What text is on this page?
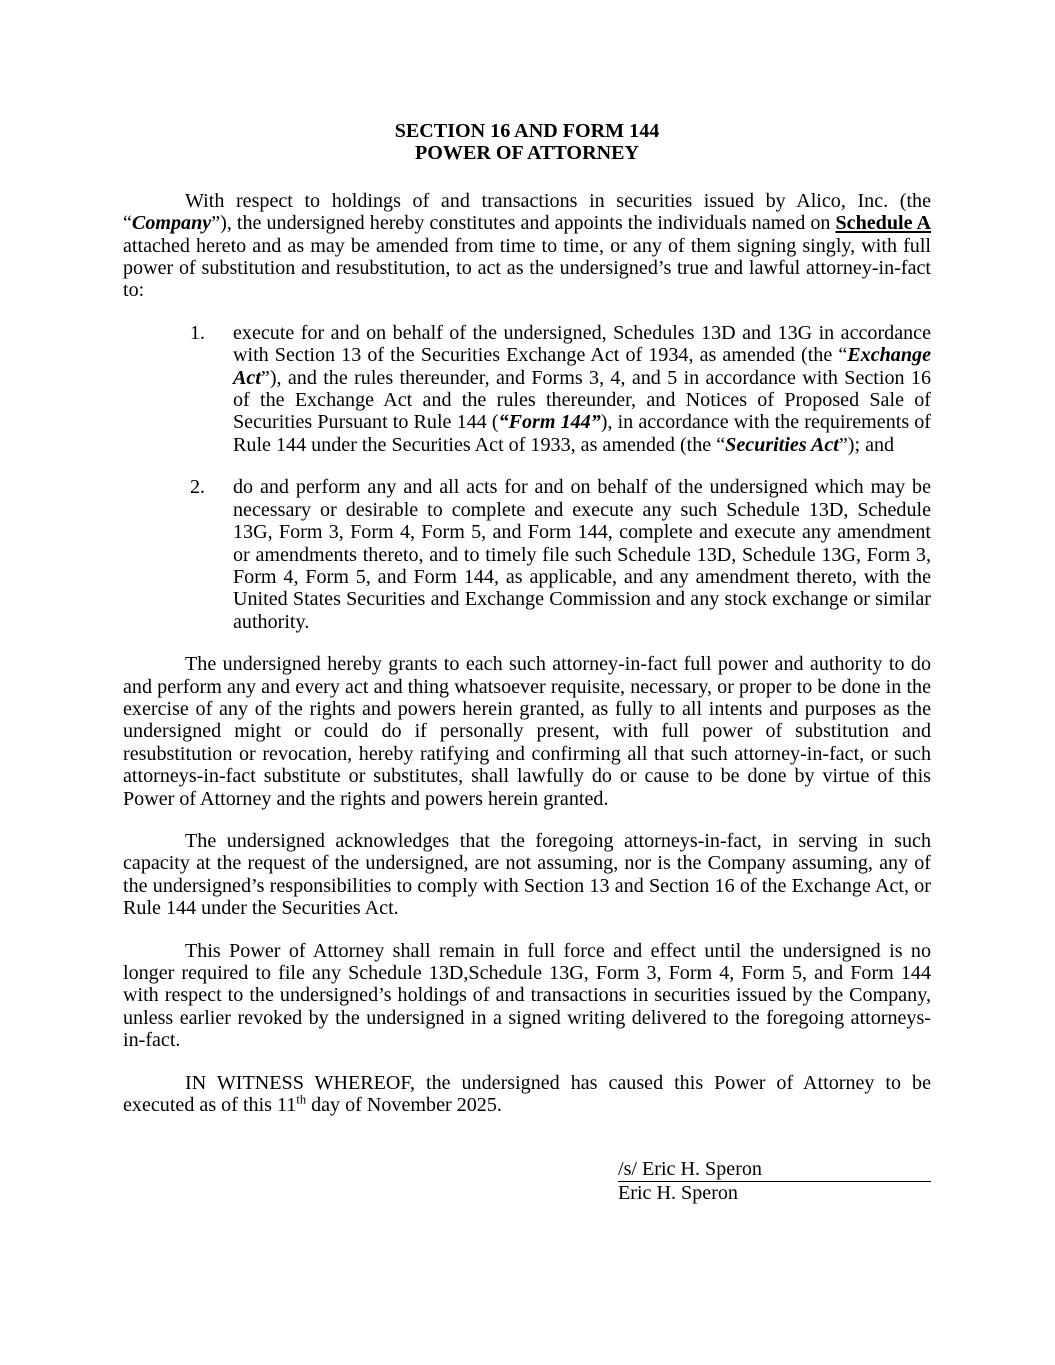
SECTION 16 AND FORM 144
POWER OF ATTORNEY

With respect to holdings of and transactions in securities issued by Alico, Inc. (the “Company”), the undersigned hereby constitutes and appoints the individuals named on Schedule A attached hereto and as may be amended from time to time, or any of them signing singly, with full power of substitution and resubstitution, to act as the undersigned’s true and lawful attorney-in-fact to:

1.	execute for and on behalf of the undersigned, Schedules 13D and 13G in accordance with Section 13 of the Securities Exchange Act of 1934, as amended (the “Exchange Act”), and the rules thereunder, and Forms 3, 4, and 5 in accordance with Section 16 of the Exchange Act and the rules thereunder, and Notices of Proposed Sale of Securities Pursuant to Rule 144 (“Form 144”), in accordance with the requirements of Rule 144 under the Securities Act of 1933, as amended (the “Securities Act”); and
2.	do and perform any and all acts for and on behalf of the undersigned which may be necessary or desirable to complete and execute any such Schedule 13D, Schedule 13G, Form 3, Form 4, Form 5, and Form 144, complete and execute any amendment or amendments thereto, and to timely file such Schedule 13D, Schedule 13G, Form 3, Form 4, Form 5, and Form 144, as applicable, and any amendment thereto, with the United States Securities and Exchange Commission and any stock exchange or similar authority.

The undersigned hereby grants to each such attorney-in-fact full power and authority to do and perform any and every act and thing whatsoever requisite, necessary, or proper to be done in the exercise of any of the rights and powers herein granted, as fully to all intents and purposes as the undersigned might or could do if personally present, with full power of substitution and resubstitution or revocation, hereby ratifying and confirming all that such attorney-in-fact, or such attorneys-in-fact substitute or substitutes, shall lawfully do or cause to be done by virtue of this Power of Attorney and the rights and powers herein granted.

The undersigned acknowledges that the foregoing attorneys-in-fact, in serving in such capacity at the request of the undersigned, are not assuming, nor is the Company assuming, any of the undersigned’s responsibilities to comply with Section 13 and Section 16 of the Exchange Act, or Rule 144 under the Securities Act.

This Power of Attorney shall remain in full force and effect until the undersigned is no longer required to file any Schedule 13D,Schedule 13G, Form 3, Form 4, Form 5, and Form 144 with respect to the undersigned’s holdings of and transactions in securities issued by the Company, unless earlier revoked by the undersigned in a signed writing delivered to the foregoing attorneys-in-fact.

IN WITNESS WHEREOF, the undersigned has caused this Power of Attorney to be executed as of this 11th day of November 2025.

/s/ Eric H. Speron
Eric H. Speron
